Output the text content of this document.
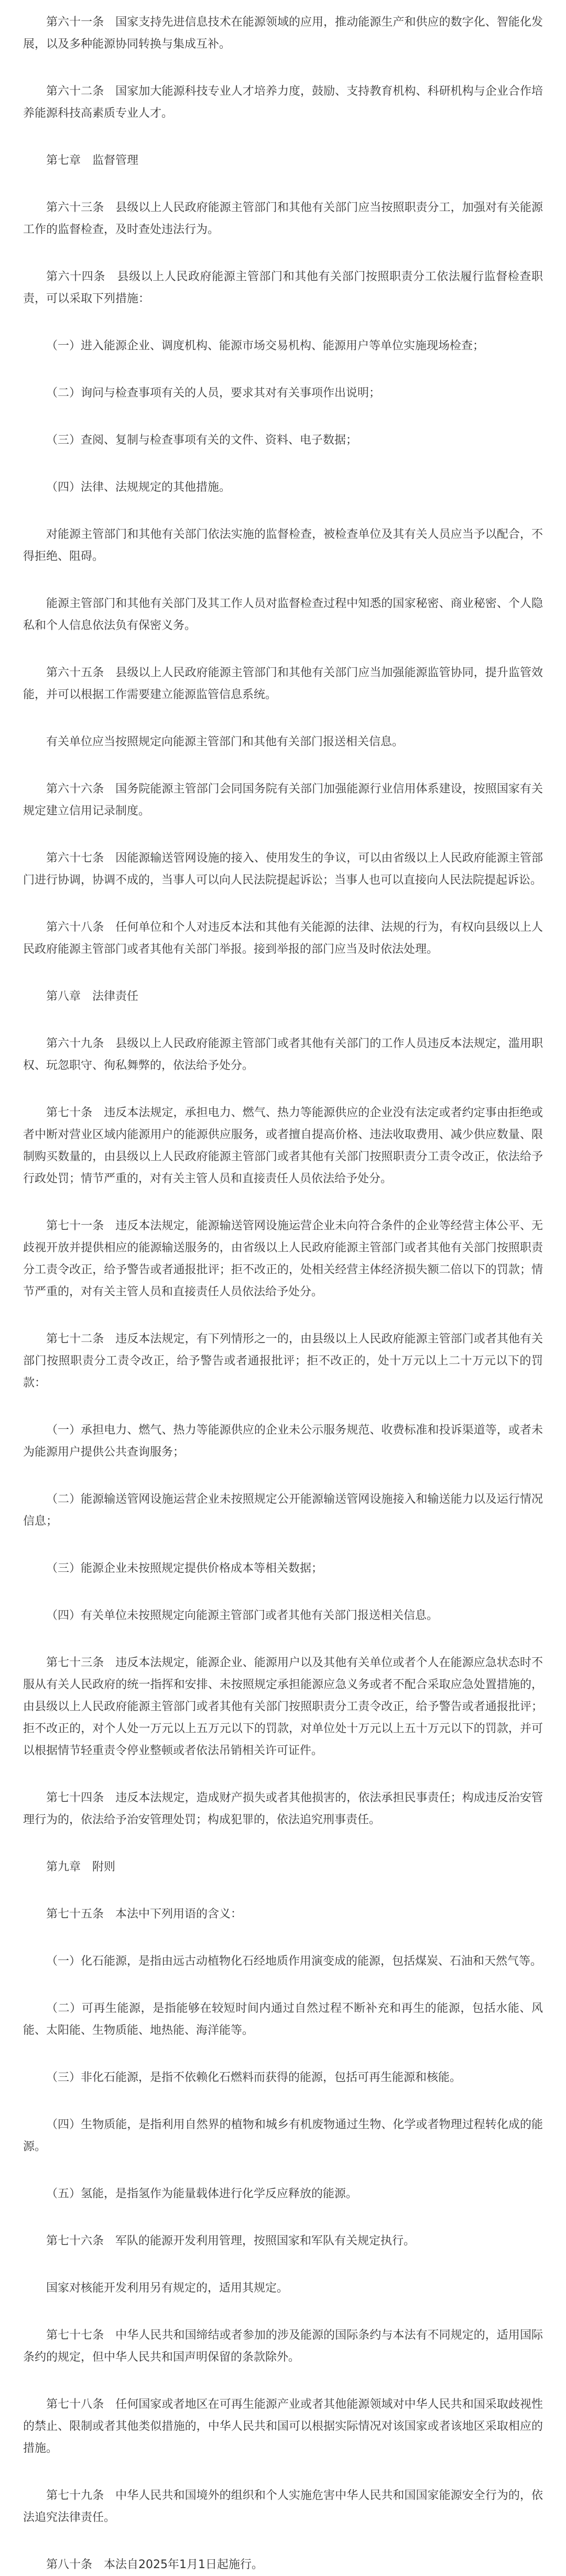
第六十一条　国家支持先进信息技术在能源领域的应用，推动能源生产和供应的数字化、智能化发展，以及多种能源协同转换与集成互补。

第六十二条　国家加大能源科技专业人才培养力度，鼓励、支持教育机构、科研机构与企业合作培养能源科技高素质专业人才。

第七章　监督管理

第六十三条　县级以上人民政府能源主管部门和其他有关部门应当按照职责分工，加强对有关能源工作的监督检查，及时查处违法行为。

第六十四条　县级以上人民政府能源主管部门和其他有关部门按照职责分工依法履行监督检查职责，可以采取下列措施：

（一）进入能源企业、调度机构、能源市场交易机构、能源用户等单位实施现场检查；

（二）询问与检查事项有关的人员，要求其对有关事项作出说明；

（三）查阅、复制与检查事项有关的文件、资料、电子数据；

（四）法律、法规规定的其他措施。

对能源主管部门和其他有关部门依法实施的监督检查，被检查单位及其有关人员应当予以配合，不得拒绝、阻碍。

能源主管部门和其他有关部门及其工作人员对监督检查过程中知悉的国家秘密、商业秘密、个人隐私和个人信息依法负有保密义务。

第六十五条　县级以上人民政府能源主管部门和其他有关部门应当加强能源监管协同，提升监管效能，并可以根据工作需要建立能源监管信息系统。

有关单位应当按照规定向能源主管部门和其他有关部门报送相关信息。

第六十六条　国务院能源主管部门会同国务院有关部门加强能源行业信用体系建设，按照国家有关规定建立信用记录制度。

第六十七条　因能源输送管网设施的接入、使用发生的争议，可以由省级以上人民政府能源主管部门进行协调，协调不成的，当事人可以向人民法院提起诉讼；当事人也可以直接向人民法院提起诉讼。

第六十八条　任何单位和个人对违反本法和其他有关能源的法律、法规的行为，有权向县级以上人民政府能源主管部门或者其他有关部门举报。接到举报的部门应当及时依法处理。

第八章　法律责任

第六十九条　县级以上人民政府能源主管部门或者其他有关部门的工作人员违反本法规定，滥用职权、玩忽职守、徇私舞弊的，依法给予处分。

第七十条　违反本法规定，承担电力、燃气、热力等能源供应的企业没有法定或者约定事由拒绝或者中断对营业区域内能源用户的能源供应服务，或者擅自提高价格、违法收取费用、减少供应数量、限制购买数量的，由县级以上人民政府能源主管部门或者其他有关部门按照职责分工责令改正，依法给予行政处罚；情节严重的，对有关主管人员和直接责任人员依法给予处分。

第七十一条　违反本法规定，能源输送管网设施运营企业未向符合条件的企业等经营主体公平、无歧视开放并提供相应的能源输送服务的，由省级以上人民政府能源主管部门或者其他有关部门按照职责分工责令改正，给予警告或者通报批评；拒不改正的，处相关经营主体经济损失额二倍以下的罚款；情节严重的，对有关主管人员和直接责任人员依法给予处分。

第七十二条　违反本法规定，有下列情形之一的，由县级以上人民政府能源主管部门或者其他有关部门按照职责分工责令改正，给予警告或者通报批评；拒不改正的，处十万元以上二十万元以下的罚款：

（一）承担电力、燃气、热力等能源供应的企业未公示服务规范、收费标准和投诉渠道等，或者未为能源用户提供公共查询服务；

（二）能源输送管网设施运营企业未按照规定公开能源输送管网设施接入和输送能力以及运行情况信息；

（三）能源企业未按照规定提供价格成本等相关数据；

（四）有关单位未按照规定向能源主管部门或者其他有关部门报送相关信息。

第七十三条　违反本法规定，能源企业、能源用户以及其他有关单位或者个人在能源应急状态时不服从有关人民政府的统一指挥和安排、未按照规定承担能源应急义务或者不配合采取应急处置措施的，由县级以上人民政府能源主管部门或者其他有关部门按照职责分工责令改正，给予警告或者通报批评；拒不改正的，对个人处一万元以上五万元以下的罚款，对单位处十万元以上五十万元以下的罚款，并可以根据情节轻重责令停业整顿或者依法吊销相关许可证件。

第七十四条　违反本法规定，造成财产损失或者其他损害的，依法承担民事责任；构成违反治安管理行为的，依法给予治安管理处罚；构成犯罪的，依法追究刑事责任。

第九章　附则

第七十五条　本法中下列用语的含义：

（一）化石能源，是指由远古动植物化石经地质作用演变成的能源，包括煤炭、石油和天然气等。

（二）可再生能源，是指能够在较短时间内通过自然过程不断补充和再生的能源，包括水能、风能、太阳能、生物质能、地热能、海洋能等。

（三）非化石能源，是指不依赖化石燃料而获得的能源，包括可再生能源和核能。

（四）生物质能，是指利用自然界的植物和城乡有机废物通过生物、化学或者物理过程转化成的能源。

（五）氢能，是指氢作为能量载体进行化学反应释放的能源。

第七十六条　军队的能源开发利用管理，按照国家和军队有关规定执行。

国家对核能开发利用另有规定的，适用其规定。

第七十七条　中华人民共和国缔结或者参加的涉及能源的国际条约与本法有不同规定的，适用国际条约的规定，但中华人民共和国声明保留的条款除外。

第七十八条　任何国家或者地区在可再生能源产业或者其他能源领域对中华人民共和国采取歧视性的禁止、限制或者其他类似措施的，中华人民共和国可以根据实际情况对该国家或者该地区采取相应的措施。

第七十九条　中华人民共和国境外的组织和个人实施危害中华人民共和国国家能源安全行为的，依法追究法律责任。

第八十条　本法自2025年1月1日起施行。
